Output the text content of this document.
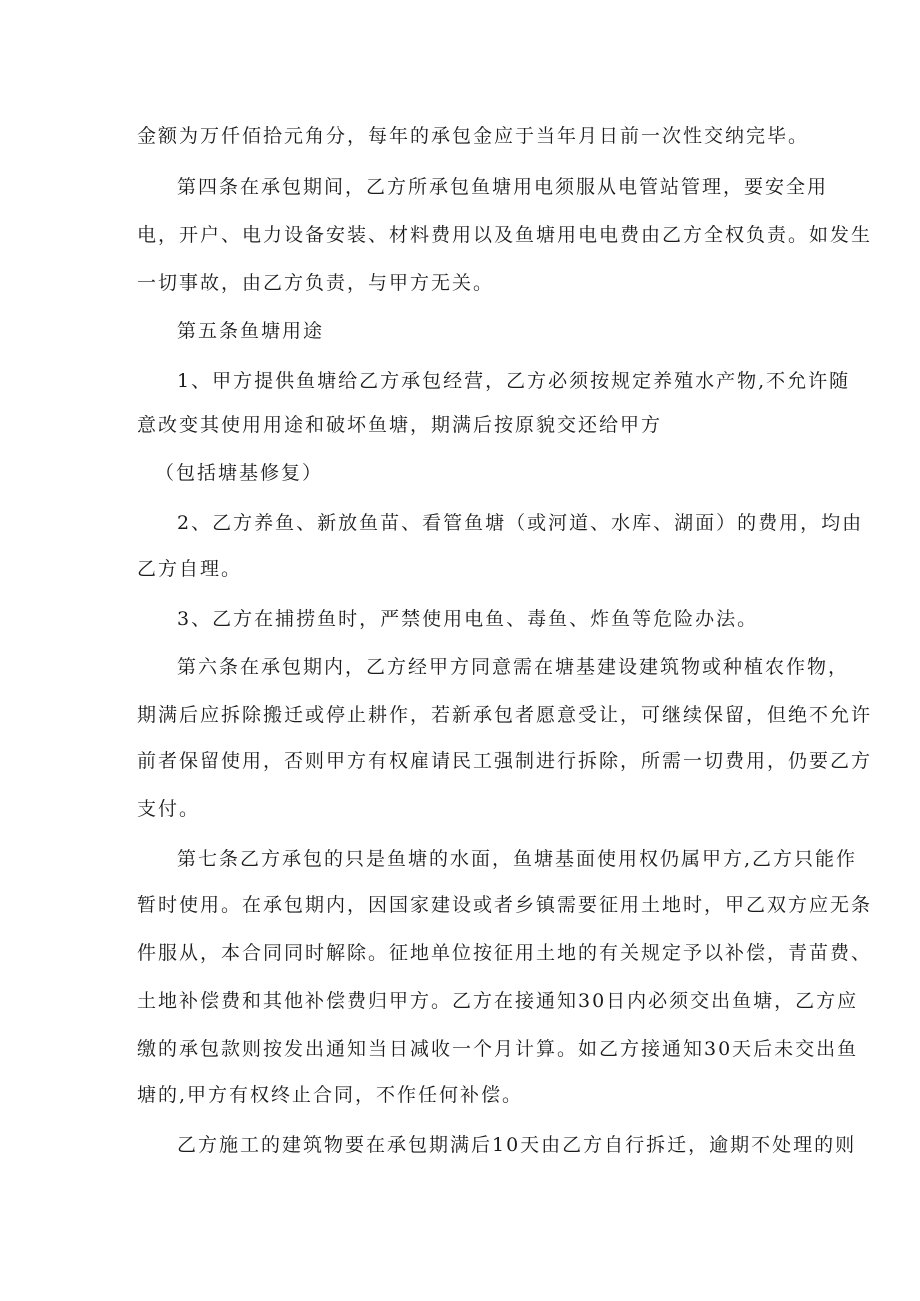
金额为万仟佰拾元角分，每年的承包金应于当年月日前一次性交纳完毕。
第四条在承包期间，乙方所承包鱼塘用电须服从电管站管理，要安全用
电，开户、电力设备安装、材料费用以及鱼塘用电电费由乙方全权负责。如发生
一切事故，由乙方负责，与甲方无关。
第五条鱼塘用途
1、甲方提供鱼塘给乙方承包经营，乙方必须按规定养殖水产物,不允许随
意改变其使用用途和破坏鱼塘，期满后按原貌交还给甲方
（包括塘基修复）
2、乙方养鱼、新放鱼苗、看管鱼塘（或河道、水库、湖面）的费用，均由
乙方自理。
3、乙方在捕捞鱼时，严禁使用电鱼、毒鱼、炸鱼等危险办法。
第六条在承包期内，乙方经甲方同意需在塘基建设建筑物或种植农作物，
期满后应拆除搬迁或停止耕作，若新承包者愿意受让，可继续保留，但绝不允许
前者保留使用，否则甲方有权雇请民工强制进行拆除，所需一切费用，仍要乙方
支付。
第七条乙方承包的只是鱼塘的水面，鱼塘基面使用权仍属甲方,乙方只能作
暂时使用。在承包期内，因国家建设或者乡镇需要征用土地时，甲乙双方应无条
件服从，本合同同时解除。征地单位按征用土地的有关规定予以补偿，青苗费、
土地补偿费和其他补偿费归甲方。乙方在接通知30日内必须交出鱼塘，乙方应
缴的承包款则按发出通知当日减收一个月计算。如乙方接通知30天后未交出鱼
塘的,甲方有权终止合同，不作任何补偿。
乙方施工的建筑物要在承包期满后10天由乙方自行拆迁，逾期不处理的则
